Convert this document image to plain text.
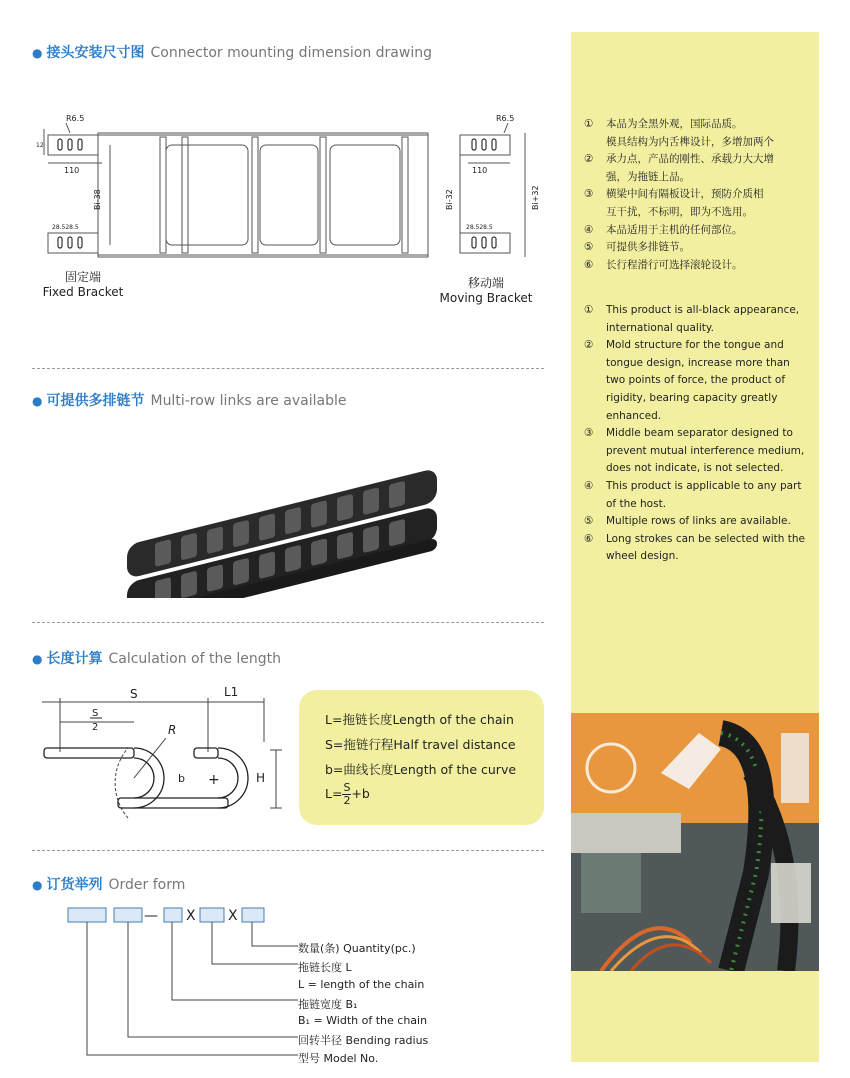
● 接头安装尺寸图 Connector mounting dimension drawing
R6.5	R6.5
110	110
28.528.5	28.528.5
12
Bi-38	Bi-32	Bi+32
固定端
Fixed Bracket
移动端
Moving Bracket
● 可提供多排链节 Multi-row links are available
● 长度计算 Calculation of the length
S
S
2	R
L1
b	H
+
L=拖链长度Length of the chain
S=拖链行程Half travel distance
b=曲线长度Length of the curve
$L= \frac{S}{2} +b$
● 订货举列 Order form
— X X
数量(条) Quantity(pc.)
拖链长度 L
L = length of the chain
拖链宽度 B₁
B₁ = Width of the chain
回转半径 Bending radius
型号 Model No.
①	本品为全黑外观，国际品质。
模具结构为内舌榫设计，多增加两个
②	承力点，产品的刚性、承载力大大增
强，为拖链上品。
③	横梁中间有隔板设计，预防介质相
互干扰，不标明，即为不选用。
④	本品适用于主机的任何部位。
⑤	可提供多排链节。
⑥	长行程滑行可选择滚轮设计。
①	This product is all-black appearance, international quality.
②	Mold structure for the tongue and tongue design, increase more than two points of force, the product of rigidity, bearing capacity greatly enhanced.
③	Middle beam separator designed to prevent mutual interference medium, does not indicate, is not selected.
④	This product is applicable to any part of the host.
⑤	Multiple rows of links are available.
⑥	Long strokes can be selected with the wheel design.
